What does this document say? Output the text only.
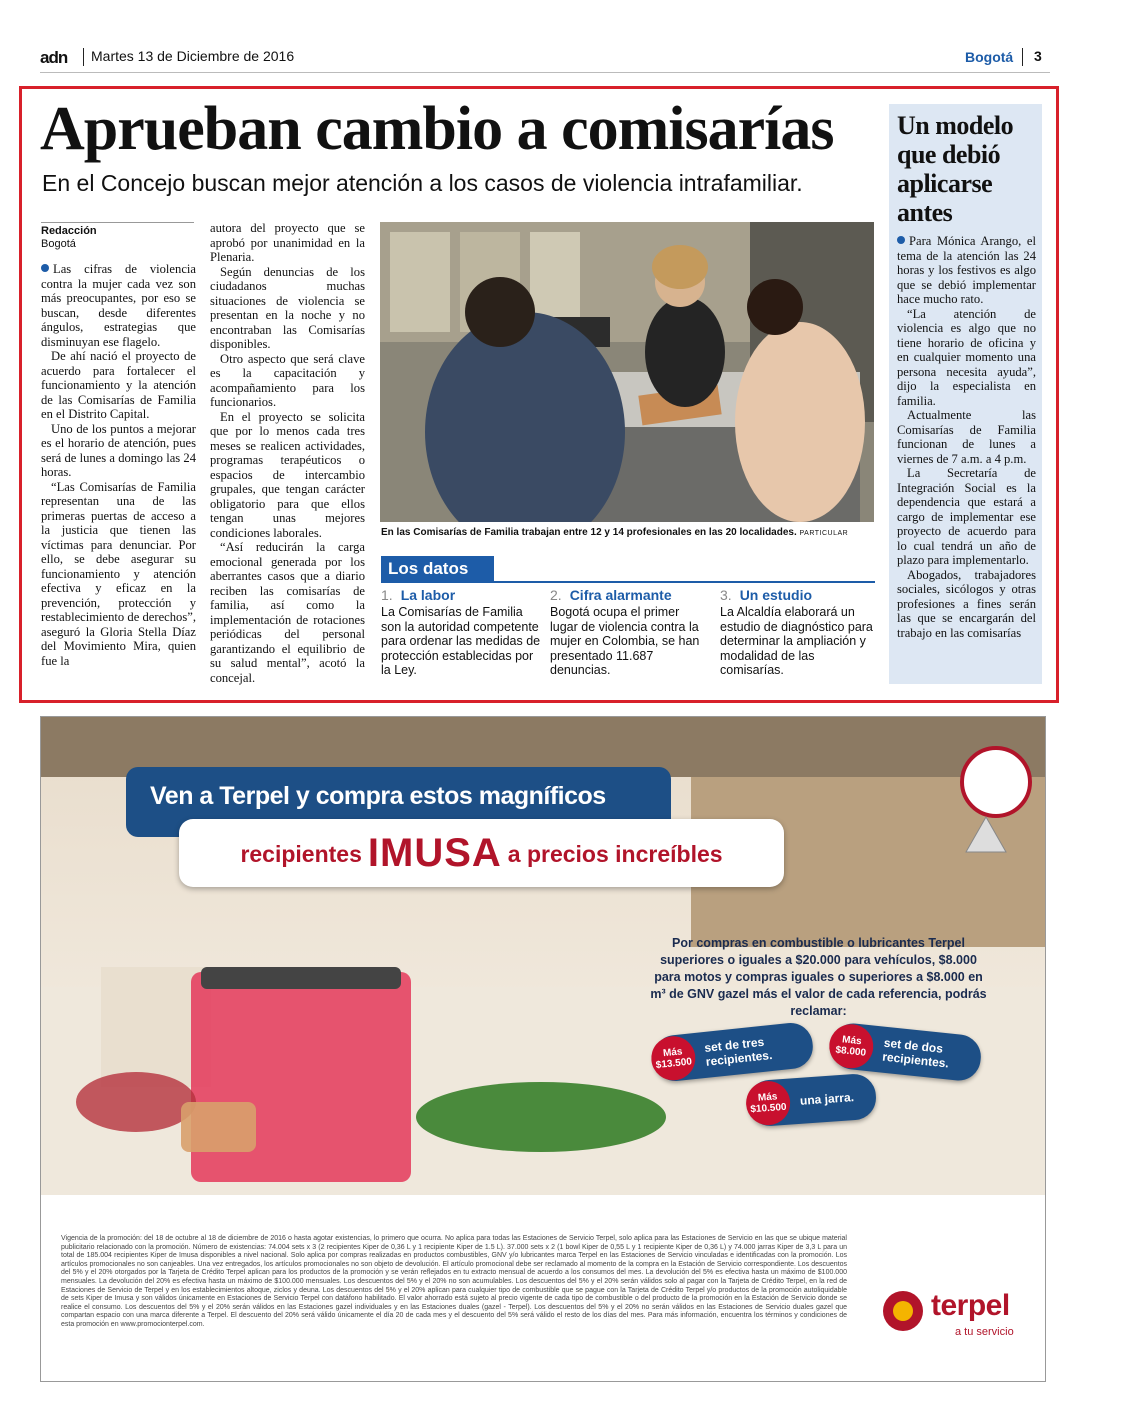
adn Martes 13 de Diciembre de 2016	Bogotá 3
Aprueban cambio a comisarías
En el Concejo buscan mejor atención a los casos de violencia intrafamiliar.
Redacción
Bogotá

Las cifras de violencia contra la mujer cada vez son más preocupantes, por eso se buscan, desde diferentes ángulos, estrategias que disminuyan ese flagelo.

De ahí nació el proyecto de acuerdo para fortalecer el funcionamiento y la atención de las Comisarías de Familia en el Distrito Capital.

Uno de los puntos a mejorar es el horario de atención, pues será de lunes a domingo las 24 horas.

“Las Comisarías de Familia representan una de las primeras puertas de acceso a la justicia que tienen las víctimas para denunciar. Por ello, se debe asegurar su funcionamiento y atención efectiva y eficaz en la prevención, protección y restablecimiento de derechos”, aseguró la Gloria Stella Díaz del Movimiento Mira, quien fue la

autora del proyecto que se aprobó por unanimidad en la Plenaria.

Según denuncias de los ciudadanos muchas situaciones de violencia se presentan en la noche y no encontraban las Comisarías disponibles.

Otro aspecto que será clave es la capacitación y acompañamiento para los funcionarios.

En el proyecto se solicita que por lo menos cada tres meses se realicen actividades, programas terapéuticos o espacios de intercambio grupales, que tengan carácter obligatorio para que ellos tengan unas mejores condiciones laborales.

“Así reducirán la carga emocional generada por los aberrantes casos que a diario reciben las comisarías de familia, así como la implementación de rotaciones periódicas del personal garantizando el equilibrio de su salud mental”, acotó la concejal.

En las Comisarías de Familia trabajan entre 12 y 14 profesionales en las 20 localidades. PARTICULAR
Los datos
1. La labor
La Comisarías de Familia son la autoridad competente para ordenar las medidas de protección establecidas por la Ley.
2. Cifra alarmante
Bogotá ocupa el primer lugar de violencia contra la mujer en Colombia, se han presentado 11.687 denuncias.
3. Un estudio
La Alcaldía elaborará un estudio de diagnóstico para determinar la ampliación y modalidad de las comisarías.
Un modelo que debió aplicarse antes

Para Mónica Arango, el tema de la atención las 24 horas y los festivos es algo que se debió implementar hace mucho rato.

“La atención de violencia es algo que no tiene horario de oficina y en cualquier momento una persona necesita ayuda”, dijo la especialista en familia.

Actualmente las Comisarías de Familia funcionan de lunes a viernes de 7 a.m. a 4 p.m.

La Secretaría de Integración Social es la dependencia que estará a cargo de implementar ese proyecto de acuerdo para lo cual tendrá un año de plazo para implementarlo.

Abogados, trabajadores sociales, sicólogos y otras profesiones a fines serán las que se encargarán del trabajo en las comisarías

Ven a Terpel y compra estos magníficos
recipientes IMUSA a precios increíbles
Por compras en combustible o lubricantes Terpel superiores o iguales a $20.000 para vehículos, $8.000 para motos y compras iguales o superiores a $8.000 en m³ de GNV gazel más el valor de cada referencia, podrás reclamar:
Más $13.500
set de tres recipientes.
Más $8.000	set de dos recipientes.
Más $10.500
una jarra.
Vigencia de la promoción: del 18 de octubre al 18 de diciembre de 2016 o hasta agotar existencias, lo primero que ocurra. No aplica para todas las Estaciones de Servicio Terpel, solo aplica para las Estaciones de Servicio en las que se ubique material publicitario relacionado con la promoción. Número de existencias: 74.004 sets x 3 (2 recipientes Kiper de 0,36 L y 1 recipiente Kiper de 1.5 L). 37.000 sets x 2 (1 bowl Kiper de 0,55 L y 1 recipiente Kiper de 0,36 L) y 74.000 jarras Kiper de 3,3 L para un total de 185.004 recipientes Kiper de Imusa disponibles a nivel nacional. Solo aplica por compras realizadas en productos combustibles, GNV y/o lubricantes marca Terpel en las Estaciones de Servicio vinculadas e identificadas con la promoción. Los artículos promocionales no son canjeables. Una vez entregados, los artículos promocionales no son objeto de devolución. El artículo promocional debe ser reclamado al momento de la compra en la Estación de Servicio correspondiente. Los descuentos del 5% y el 20% otorgados por la Tarjeta de Crédito Terpel aplican para los productos de la promoción y se verán reflejados en tu extracto mensual de acuerdo a los consumos del mes. La devolución del 5% es efectiva hasta un máximo de $100.000 mensuales. La devolución del 20% es efectiva hasta un máximo de $100.000 mensuales. Los descuentos del 5% y el 20% no son acumulables. Los descuentos del 5% y el 20% serán válidos solo al pagar con la Tarjeta de Crédito Terpel, en la red de Estaciones de Servicio de Terpel y en los establecimientos altoque, ziclos y deuna. Los descuentos del 5% y el 20% aplican para cualquier tipo de combustible que se pague con la Tarjeta de Crédito Terpel y/o productos de la promoción autoliquidable de sets Kiper de Imusa y son válidos únicamente en Estaciones de Servicio Terpel con datáfono habilitado. El valor ahorrado está sujeto al precio vigente de cada tipo de combustible o del producto de la promoción en la Estación de Servicio donde se realice el consumo. Los descuentos del 5% y el 20% serán válidos en las Estaciones gazel individuales y en las Estaciones duales (gazel - Terpel). Los descuentos del 5% y el 20% no serán válidos en las Estaciones de Servicio duales gazel que compartan espacio con una marca diferente a Terpel. El descuento del 20% será válido únicamente el día 20 de cada mes y el descuento del 5% será válido el resto de los días del mes. Para más información, encuentra los términos y condiciones de esta promoción en www.promocionterpel.com.
terpel
a tu servicio
